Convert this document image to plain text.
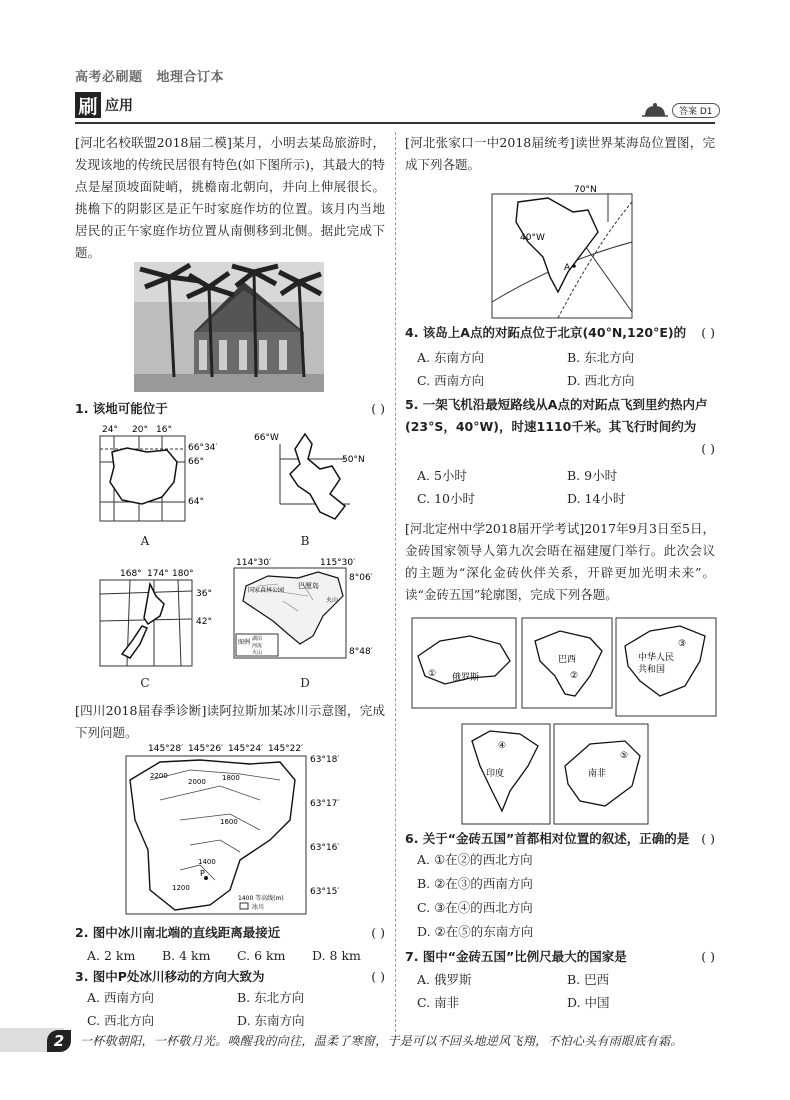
高考必刷题 地理合订本
刷 应用	答案 D1
[河北名校联盟2018届二模]某月，小明去某岛旅游时，发现该地的传统民居很有特色(如下图所示)，其最大的特点是屋顶坡面陡峭，挑檐南北朝向，并向上伸展很长。挑檐下的阴影区是正午时家庭作坊的位置。该月内当地居民的正午家庭作坊位置从南侧移到北侧。据此完成下题。
1. 该地可能位于	( )
24° 20° 16°
66°34′
66°
64°
A
66°W
50°N
B
168° 174° 180°
36°
42°
C
114°30′	115°30′
国家森林公园
巴厘岛
火山
图例 湖泊
河流
火山
8°06′
8°48′
D
[四川2018届春季诊断]读阿拉斯加某冰川示意图，完成下列问题。
145°28′ 145°26′ 145°24′ 145°22′
2200
2000 1800
1600
1400
1200
P
1400 等高线(m)
冰川
63°18′
63°17′
63°16′
63°15′
2. 图中冰川南北端的直线距离最接近	( )
A. 2 km	B. 4 km	C. 6 km	D. 8 km
3. 图中P处冰川移动的方向大致为	( )
A. 西南方向	B. 东北方向
C. 西北方向	D. 东南方向
[河北张家口一中2018届统考]读世界某海岛位置图，完成下列各题。
70°N
40°W
A
4. 该岛上A点的对跖点位于北京(40°N,120°E)的 ( )
A. 东南方向	B. 东北方向
C. 西南方向	D. 西北方向
5. 一架飞机沿最短路线从A点的对跖点飞到里约热内卢(23°S，40°W)，时速1110千米。其飞行时间约为
( )
A. 5小时	B. 9小时
C. 10小时	D. 14小时
[河北定州中学2018届开学考试]2017年9月3日至5日，金砖国家领导人第九次会晤在福建厦门举行。此次会议的主题为“深化金砖伙伴关系，开辟更加光明未来”。读“金砖五国”轮廓图，完成下列各题。
俄罗斯
①
巴西
②
中华人民
共和国
③
印度
④
南非
⑤
6. 关于“金砖五国”首都相对位置的叙述，正确的是 ( )
A. ①在②的西北方向
B. ②在③的西南方向
C. ③在④的西北方向
D. ②在⑤的东南方向
7. 图中“金砖五国”比例尺最大的国家是	( )
A. 俄罗斯	B. 巴西
C. 南非	D. 中国
2	一杯敬朝阳，一杯敬月光。唤醒我的向往，温柔了寒窗，于是可以不回头地逆风飞翔，不怕心头有雨眼底有霜。
